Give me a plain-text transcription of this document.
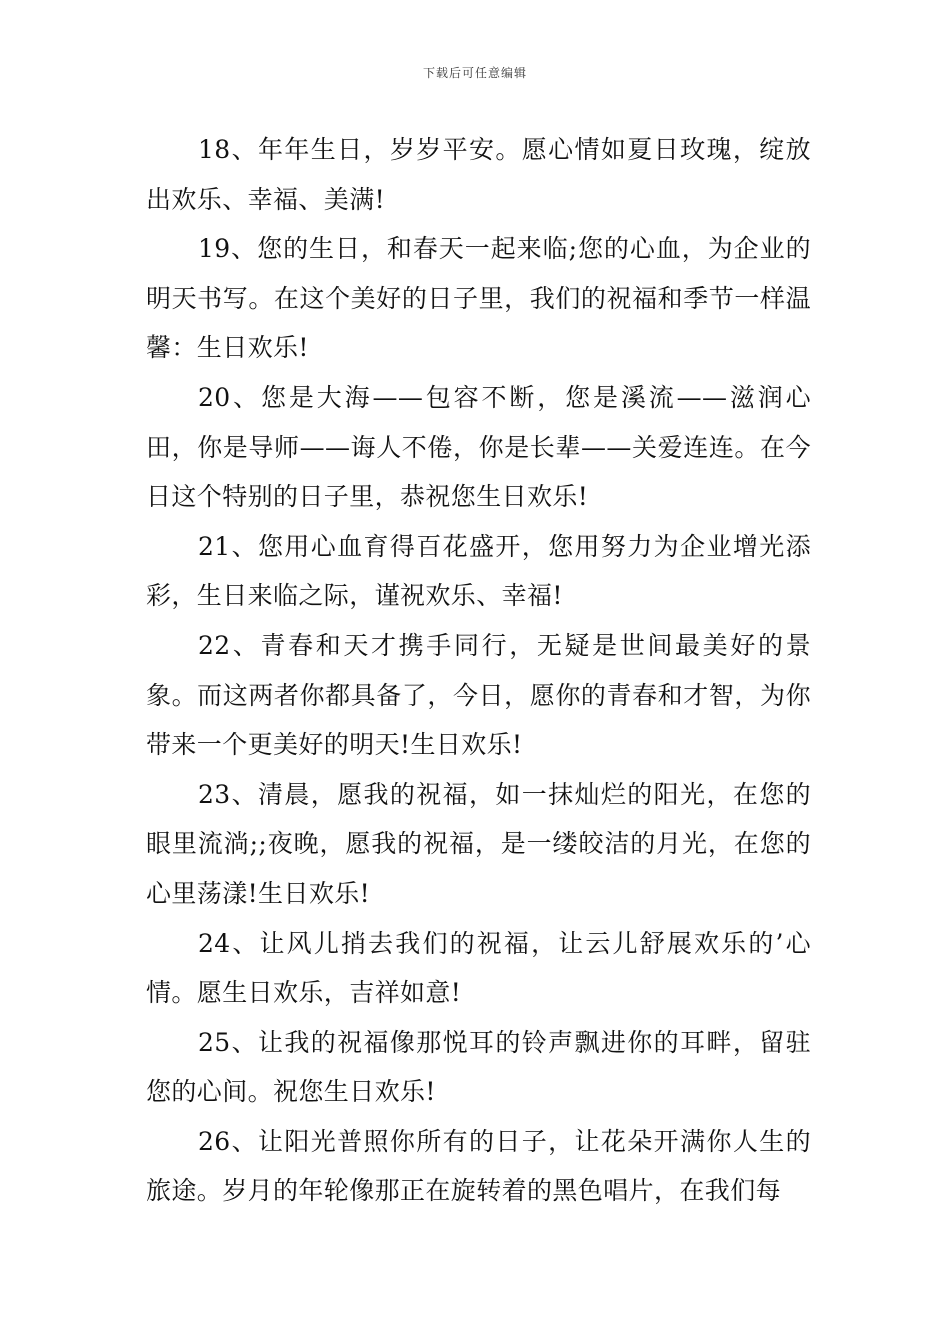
下载后可任意编辑

18、年年生日，岁岁平安。愿心情如夏日玫瑰，绽放出欢乐、幸福、美满!

19、您的生日，和春天一起来临;您的心血，为企业的明天书写。在这个美好的日子里，我们的祝福和季节一样温馨：生日欢乐!

20、您是大海——包容不断，您是溪流——滋润心田，你是导师——诲人不倦，你是长辈——关爱连连。在今日这个特别的日子里，恭祝您生日欢乐!

21、您用心血育得百花盛开，您用努力为企业增光添彩，生日来临之际，谨祝欢乐、幸福!

22、青春和天才携手同行，无疑是世间最美好的景象。而这两者你都具备了，今日，愿你的青春和才智，为你带来一个更美好的明天!生日欢乐!

23、清晨，愿我的祝福，如一抹灿烂的阳光，在您的眼里流淌;;夜晚，愿我的祝福，是一缕皎洁的月光，在您的心里荡漾!生日欢乐!

24、让风儿捎去我们的祝福，让云儿舒展欢乐的’心情。愿生日欢乐，吉祥如意!

25、让我的祝福像那悦耳的铃声飘进你的耳畔，留驻您的心间。祝您生日欢乐!

26、让阳光普照你所有的日子，让花朵开满你人生的旅途。岁月的年轮像那正在旋转着的黑色唱片，在我们每
